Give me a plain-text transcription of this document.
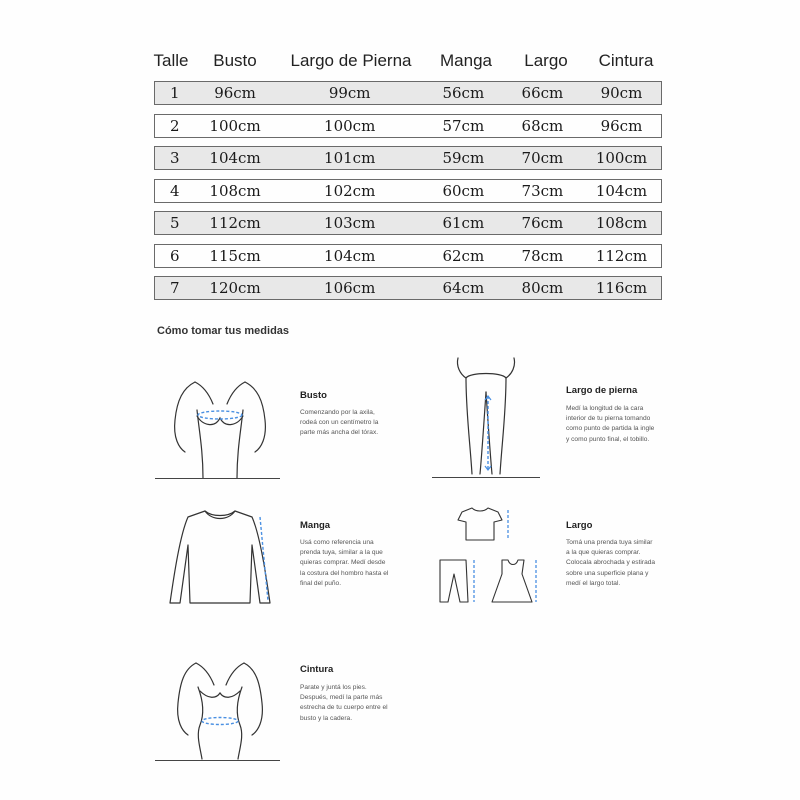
Talle	Busto	Largo de Pierna	Manga	Largo	Cintura
1	96cm	99cm	56cm	66cm	90cm
2	100cm	100cm	57cm	68cm	96cm
3	104cm	101cm	59cm	70cm	100cm
4	108cm	102cm	60cm	73cm	104cm
5	112cm	103cm	61cm	76cm	108cm
6	115cm	104cm	62cm	78cm	112cm
7	120cm	106cm	64cm	80cm	116cm
Cómo tomar tus medidas
Busto
Comenzando por la axila,
rodeá con un centímetro la
parte más ancha del tórax.
Largo de pierna
Medí la longitud de la cara
interior de tu pierna tomando
como punto de partida la ingle
y como punto final, el tobillo.
Manga
Usá como referencia una
prenda tuya, similar a la que
quieras comprar. Medí desde
la costura del hombro hasta el
final del puño.
Largo
Tomá una prenda tuya similar
a la que quieras comprar.
Colocala abrochada y estirada
sobre una superficie plana y
medí el largo total.
Cintura
Parate y juntá los pies.
Después, medí la parte más
estrecha de tu cuerpo entre el
busto y la cadera.
